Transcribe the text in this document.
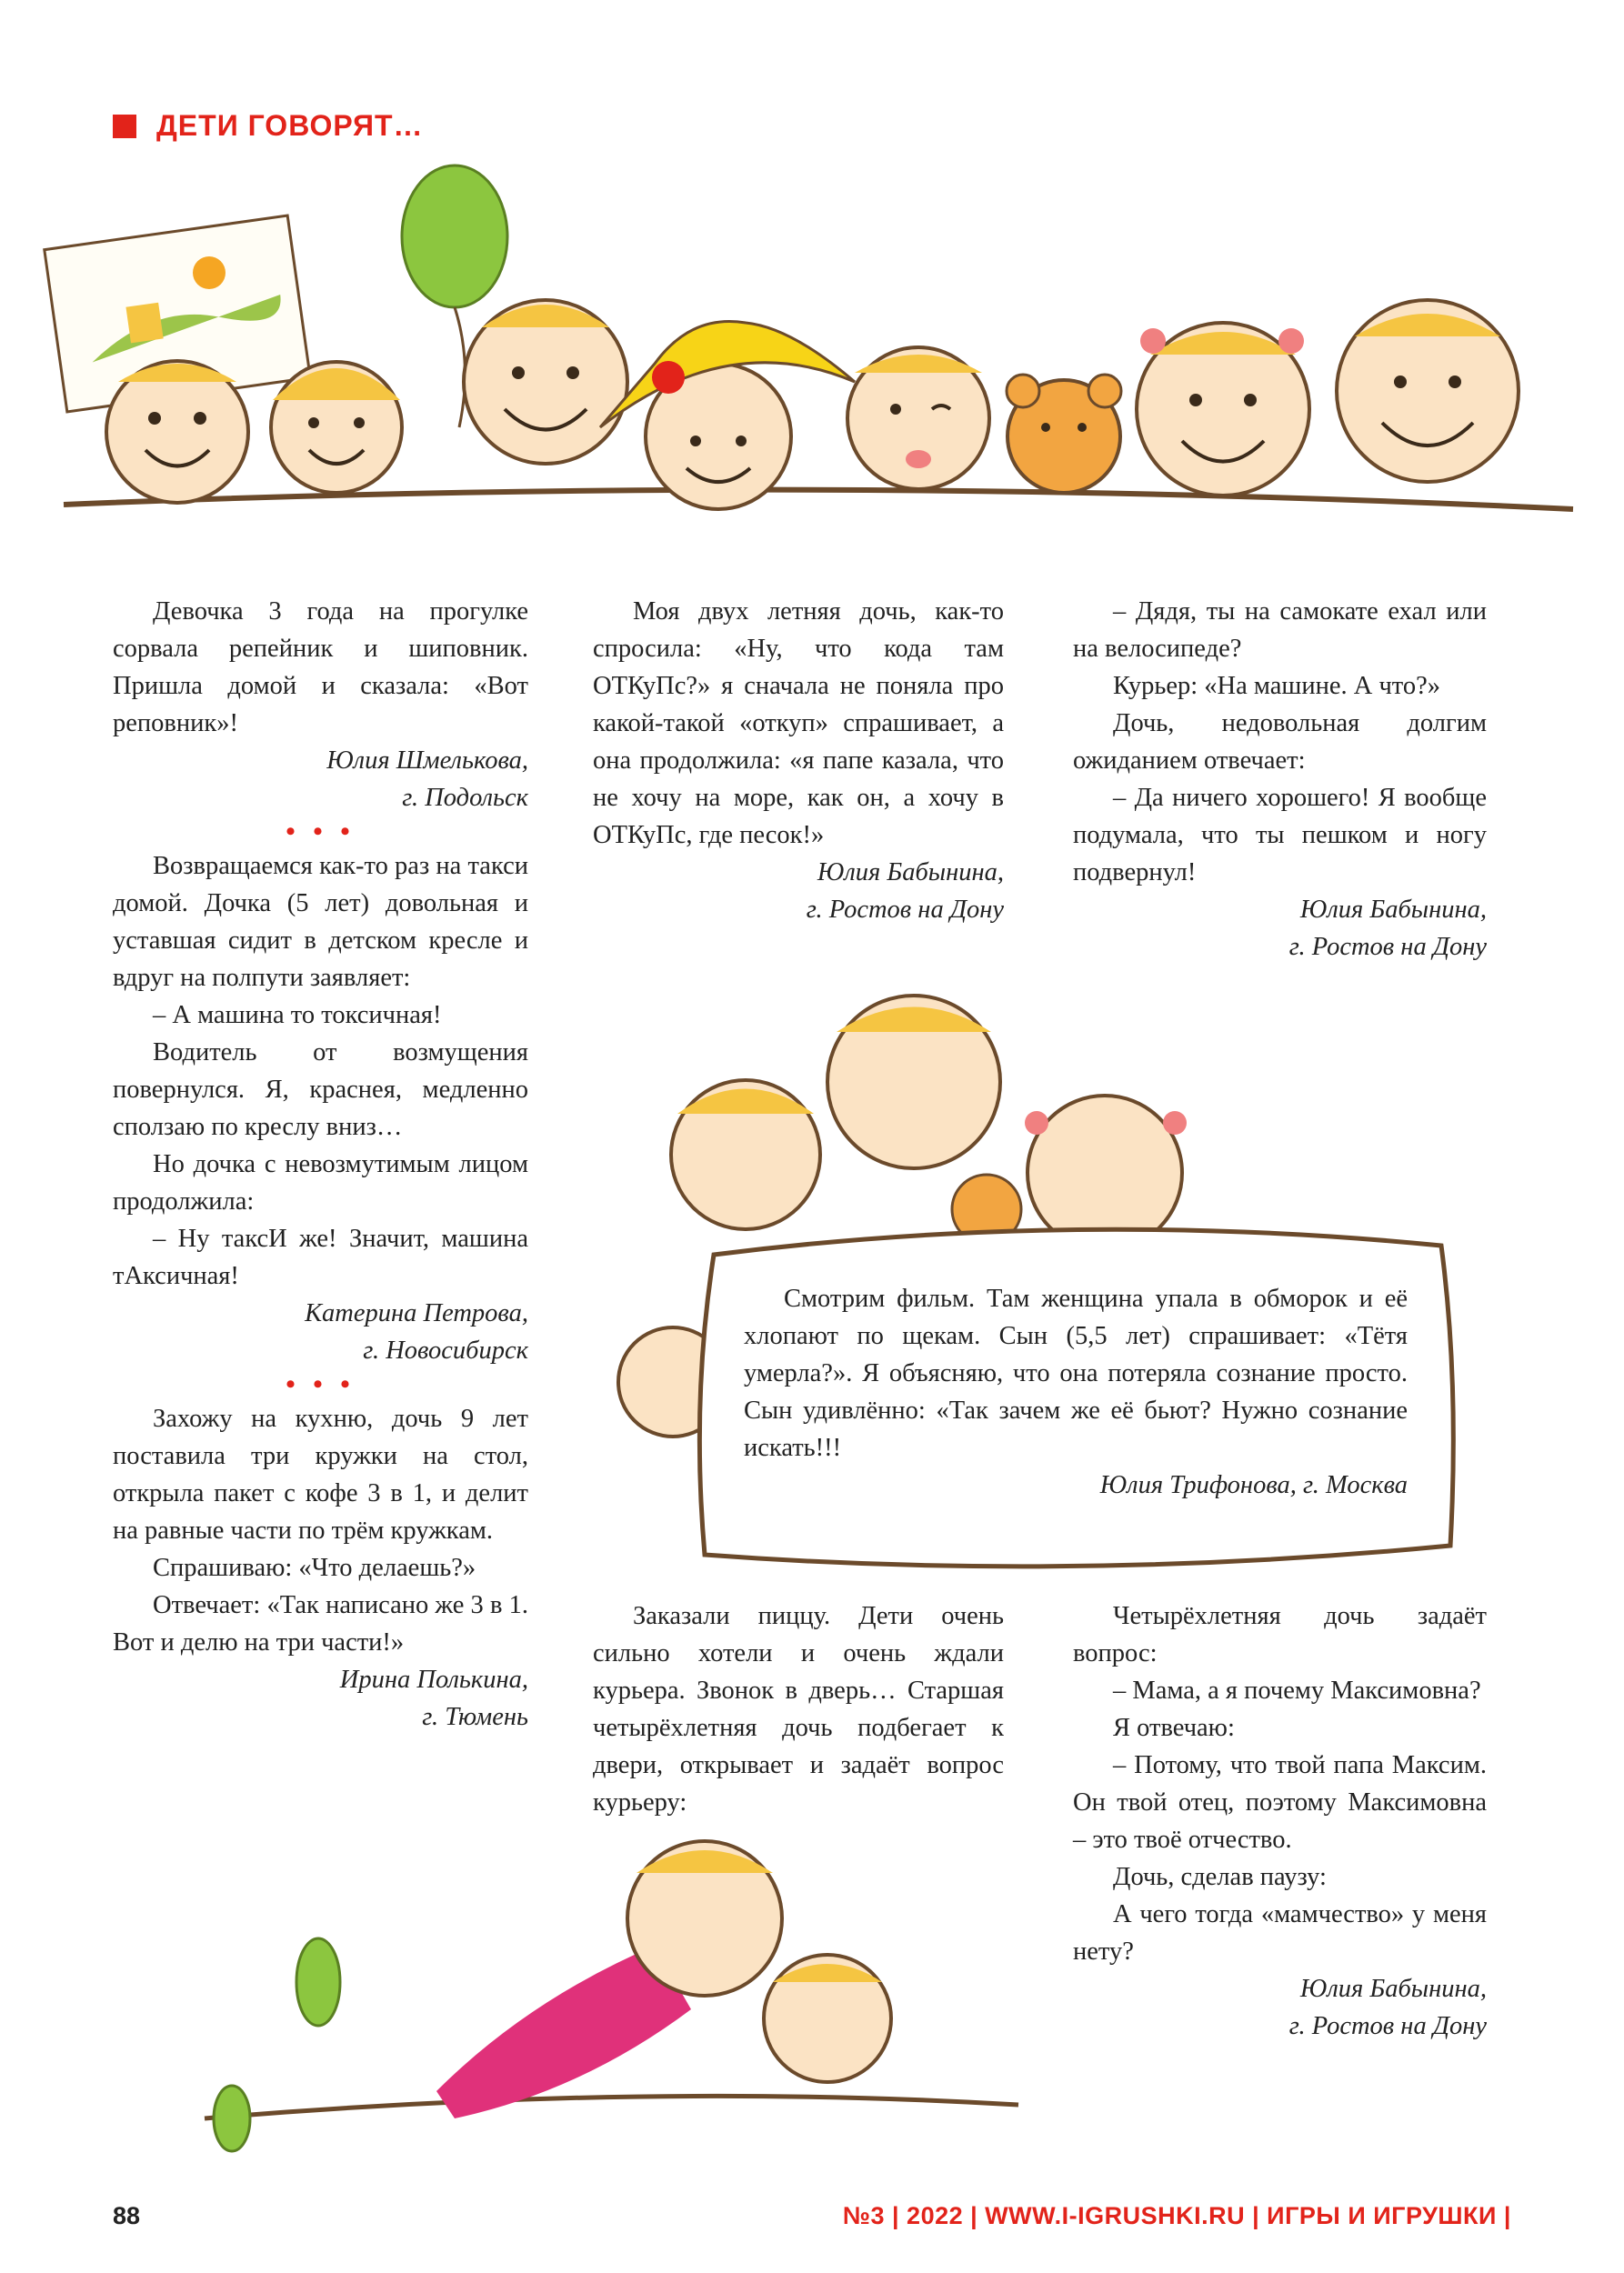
ДЕТИ ГОВОРЯТ…

Девочка 3 года на прогулке сорвала репейник и шиповник. Пришла домой и сказала: «Вот реповник»!

Юлия Шмелькова,

г. Подольск

• • •

Возвращаемся как-то раз на такси домой. Дочка (5 лет) довольная и уставшая сидит в детском кресле и вдруг на полпути заявляет:

– А машина то токсичная!

Водитель от возмущения повернулся. Я, краснея, медленно сползаю по креслу вниз…

Но дочка с невозмутимым лицом продолжила:

– Ну таксИ же! Значит, машина тАксичная!

Катерина Петрова,

г. Новосибирск

• • •

Захожу на кухню, дочь 9 лет поставила три кружки на стол, открыла пакет с кофе 3 в 1, и делит на равные части по трём кружкам.

Спрашиваю: «Что делаешь?»

Отвечает: «Так написано же 3 в 1. Вот и делю на три части!»

Ирина Полькина,

г. Тюмень

Моя двух летняя дочь, как-то спросила: «Ну, что кода там ОТКуПс?» я сначала не поняла про какой-такой «откуп» спрашивает, а она продолжила: «я папе казала, что не хочу на море, как он, а хочу в ОТКуПс, где песок!»

Юлия Бабынина,

г. Ростов на Дону

– Дядя, ты на самокате ехал или на велосипеде?

Курьер: «На машине. А что?»

Дочь, недовольная долгим ожиданием отвечает:

– Да ничего хорошего! Я вообще подумала, что ты пешком и ногу подвернул!

Юлия Бабынина,

г. Ростов на Дону

Смотрим фильм. Там женщина упала в обморок и её хлопают по щекам. Сын (5,5 лет) спрашивает: «Тётя умерла?». Я объясняю, что она потеряла сознание просто. Сын удивлённо: «Так зачем же её бьют? Нужно сознание искать!!!

Юлия Трифонова, г. Москва

Заказали пиццу. Дети очень сильно хотели и очень ждали курьера. Звонок в дверь… Старшая четырёхлетняя дочь подбегает к двери, открывает и задаёт вопрос курьеру:

Четырёхлетняя дочь задаёт вопрос:

– Мама, а я почему Максимовна?

Я отвечаю:

– Потому, что твой папа Максим. Он твой отец, поэтому Максимовна – это твоё отчество.

Дочь, сделав паузу:

А чего тогда «мамчество» у меня нету?

Юлия Бабынина,

г. Ростов на Дону

88	№3 | 2022 | WWW.I-IGRUSHKI.RU | ИГРЫ И ИГРУШКИ |
